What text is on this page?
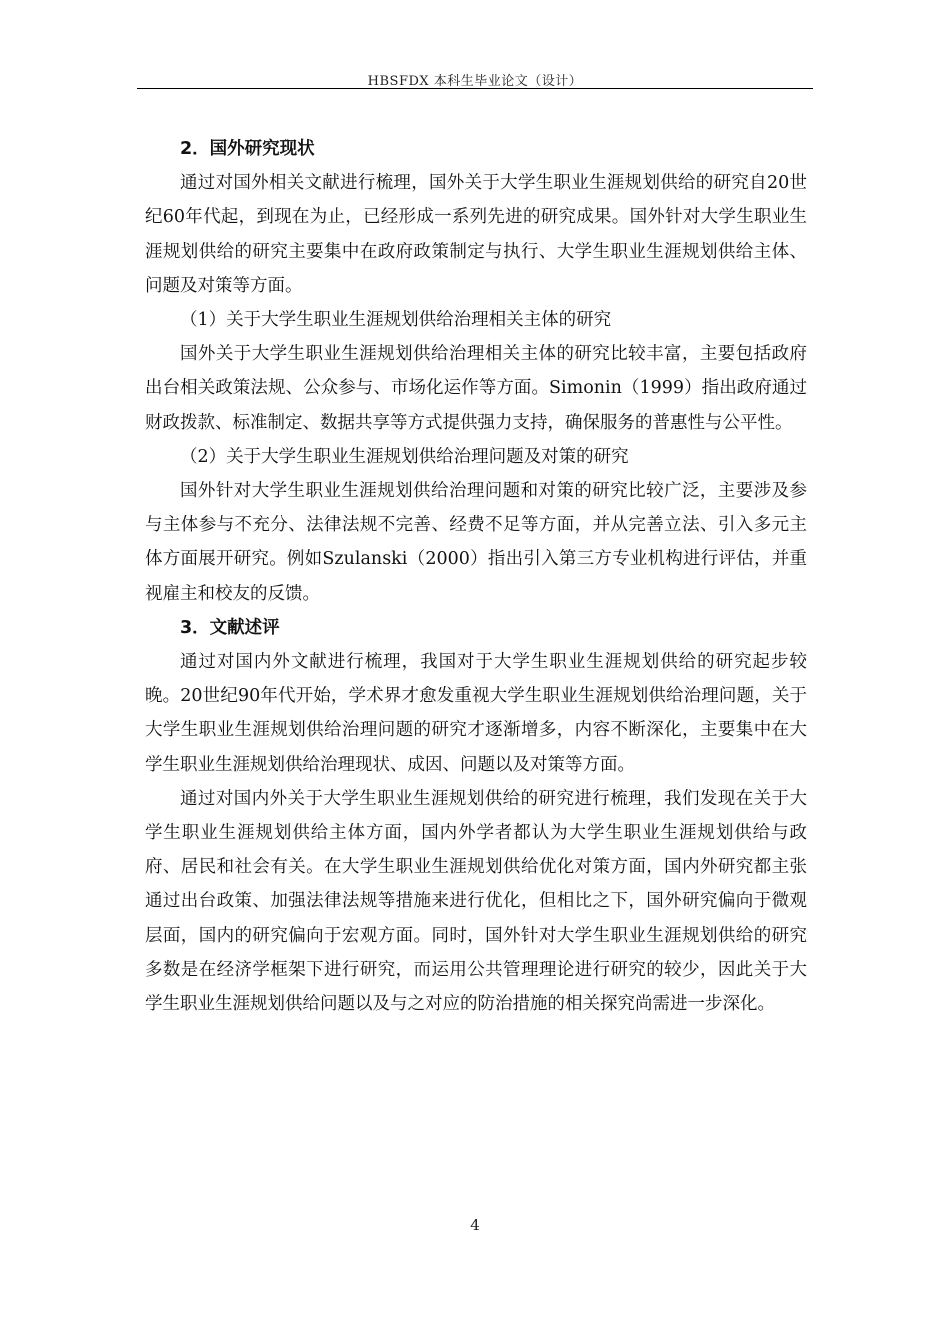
HBSFDX 本科生毕业论文（设计）
2．国外研究现状

通过对国外相关文献进行梳理，国外关于大学生职业生涯规划供给的研究自20世纪60年代起，到现在为止，已经形成一系列先进的研究成果。国外针对大学生职业生涯规划供给的研究主要集中在政府政策制定与执行、大学生职业生涯规划供给主体、问题及对策等方面。

（1）关于大学生职业生涯规划供给治理相关主体的研究

国外关于大学生职业生涯规划供给治理相关主体的研究比较丰富，主要包括政府出台相关政策法规、公众参与、市场化运作等方面。Simonin（1999）指出政府通过财政拨款、标准制定、数据共享等方式提供强力支持，确保服务的普惠性与公平性。

（2）关于大学生职业生涯规划供给治理问题及对策的研究

国外针对大学生职业生涯规划供给治理问题和对策的研究比较广泛，主要涉及参与主体参与不充分、法律法规不完善、经费不足等方面，并从完善立法、引入多元主体方面展开研究。例如Szulanski（2000）指出引入第三方专业机构进行评估，并重视雇主和校友的反馈。

3．文献述评

通过对国内外文献进行梳理，我国对于大学生职业生涯规划供给的研究起步较晚。20世纪90年代开始，学术界才愈发重视大学生职业生涯规划供给治理问题，关于大学生职业生涯规划供给治理问题的研究才逐渐增多，内容不断深化，主要集中在大学生职业生涯规划供给治理现状、成因、问题以及对策等方面。

通过对国内外关于大学生职业生涯规划供给的研究进行梳理，我们发现在关于大学生职业生涯规划供给主体方面，国内外学者都认为大学生职业生涯规划供给与政府、居民和社会有关。在大学生职业生涯规划供给优化对策方面，国内外研究都主张通过出台政策、加强法律法规等措施来进行优化，但相比之下，国外研究偏向于微观层面，国内的研究偏向于宏观方面。同时，国外针对大学生职业生涯规划供给的研究多数是在经济学框架下进行研究，而运用公共管理理论进行研究的较少，因此关于大学生职业生涯规划供给问题以及与之对应的防治措施的相关探究尚需进一步深化。

4
